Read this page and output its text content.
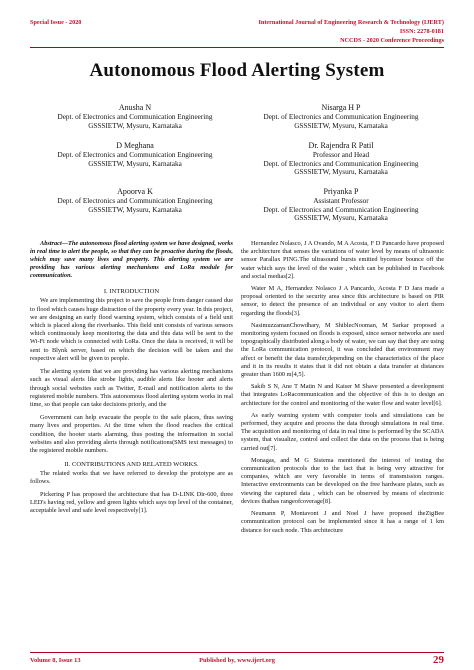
Special Issue - 2020	International Journal of Engineering Research & Technology (IJERT)
ISSN: 2278-0181
NCCDS - 2020 Conference Proceedings
Autonomous Flood Alerting System
Anusha N
Dept. of Electronics and Communication Engineering
GSSSIETW, Mysuru, Karnataka
D Meghana
Dept. of Electronics and Communication Engineering
GSSSIETW, Mysuru, Karnataka
Apoorva K
Dept. of Electronics and Communication Engineering
GSSSIETW, Mysuru, Karnataka
Nisarga H P
Dept. of Electronics and Communication Engineering
GSSSIETW, Mysuru, Karnataka
Dr. Rajendra R Patil
Professor and Head
Dept. of Electronics and Communication Engineering
GSSSIETW, Mysuru, Karnataka
Priyanka P
Assistant Professor
Dept. of Electronics and Communication Engineering
GSSSIETW, Mysuru, Karnataka

Abstract—The autonomous flood alerting system we have designed, works in real time to alert the people, so that they can be proactive during the floods, which may save many lives and property. This alerting system we are providing has various alerting mechanisms and LoRa module for communication.

I. INTRODUCTION

We are implementing this project to save the people from danger caused due to flood which causes huge distraction of the property every year. In this project, we are designing an early flood warning system, which consists of a field unit which is placed along the riverbanks. This field unit consists of various sensors which continuously keep monitoring the data and this data will be sent to the Wi-Fi node which is connected with LoRa. Once the data is received, it will be sent to Blynk server, based on which the decision will be taken and the respective alert will be given to people.

The alerting system that we are providing has various alerting mechanisms such as visual alerts like strobe lights, audible alerts like hooter and alerts through social websites such as Twitter, E-mail and notification alerts to the registered mobile numbers. This autonomous flood alerting system works in real time, so that people can take decisions priorly, and the

Government can help evacuate the people to the safe places, thus saving many lives and properties. At the time when the flood reaches the critical condition, the hooter starts alarming, thus posting the information in social websites and also providing alerts through notifications(SMS text messages) to the registered mobile numbers.

II. CONTRIBUTIONS AND RELATED WORKS.

The related works that we have referred to develop the prototype are as follows.

Pickering P has proposed the architecture that has D-LINK Dir-600, three LED's having red, yellow and green lights which says top level of the container, acceptable level and safe level respectively[1].

Hernandez Nolasco, J A Ovando, M A Acosta, F D Pancardo have proposed the architecture that senses the variations of water level by means of ultrasonic sensor Parallax PING.The ultrasound bursts emitted byсensor bounce off the water which says the level of the water , which can be published in Facebook and social medias[2].

Water M A, Hernandez Nolasco J A Pancardo, Acosta F D Jara made a proposal oriented to the security area since this architecture is based on PIR sensor, to detect the presence of an individual or any visitor to alert them regarding the floods[3].

NasimuzzamanChowdhary, M ShiblecNooman, M Sarkar proposed a monitoring system focused on floods is exposed, since sensor networks are used topographically distributed along a body of water, we can say that they are using the LoRa communication protocol, it was concluded that environment may affect or benefit the data transfer,depending on the characteristics of the place and it in its results it states that it did not obtain a data transfer at distances greater than 1600 m[4,5].

Sakib S N, Ane T Matin N and Kaiser M Shave presented a development that integrates LoRacommunication and the objective of this is to design an architecture for the control and monitoring of the water flow and water level[6].

As early warning system with computer tools and simulations can be performed, they acquire and process the data through simulations in real time. The acquisition and monitoring of data in real time is performed by the SCADA system, that visualize, control and collect the data on the process that is being carried out[7].

Monagas, and M G Sistema mentioned the interest of testing the communication protocols due to the fact that is being very attractive for companies, which are very favorable in terms of transmission ranges. Interactive environments can be developed on the free hardware plates, such as viewing the captured data , which can be observed by means of electronic devices thathas rangeofcoverage[8].

Neumann P, Montavont J and Noel J have proposed theZigBee communication protocol can be implemented since it has a range of 1 km distance for each node. This architecture

Volume 8, Issue 13	Published by, www.ijert.org	29
